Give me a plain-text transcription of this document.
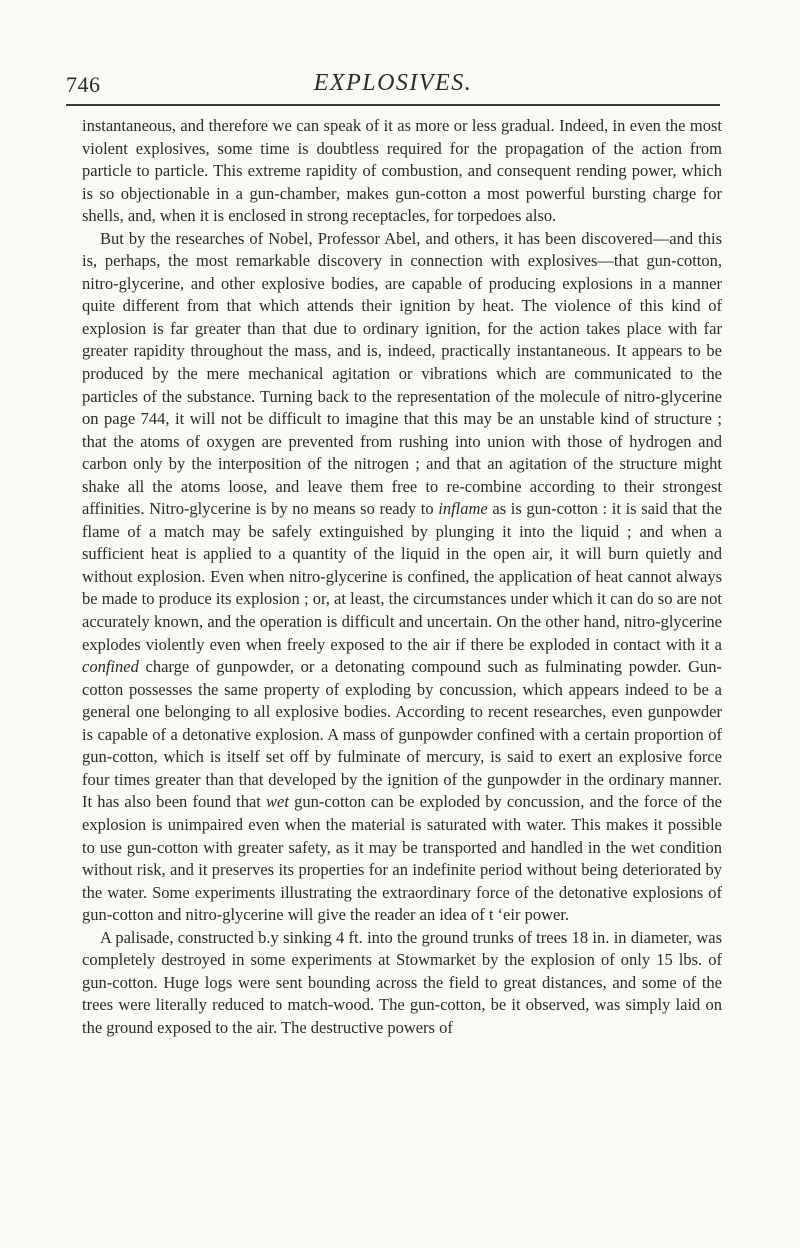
746	EXPLOSIVES.

instantaneous, and therefore we can speak of it as more or less gradual. Indeed, in even the most violent explosives, some time is doubtless required for the propagation of the action from particle to particle. This extreme rapidity of combustion, and consequent rending power, which is so objectionable in a gun-chamber, makes gun-cotton a most powerful bursting charge for shells, and, when it is enclosed in strong receptacles, for torpedoes also.

But by the researches of Nobel, Professor Abel, and others, it has been discovered—and this is, perhaps, the most remarkable discovery in connection with explosives—that gun-cotton, nitro-glycerine, and other explosive bodies, are capable of producing explosions in a manner quite different from that which attends their ignition by heat. The violence of this kind of explosion is far greater than that due to ordinary ignition, for the action takes place with far greater rapidity throughout the mass, and is, indeed, practically instantaneous. It appears to be produced by the mere mechanical agitation or vibrations which are communicated to the particles of the substance. Turning back to the representation of the molecule of nitro-glycerine on page 744, it will not be difficult to imagine that this may be an unstable kind of structure ; that the atoms of oxygen are prevented from rushing into union with those of hydrogen and carbon only by the interposition of the nitrogen ; and that an agitation of the structure might shake all the atoms loose, and leave them free to re-combine according to their strongest affinities. Nitro-glycerine is by no means so ready to inflame as is gun-cotton : it is said that the flame of a match may be safely extinguished by plunging it into the liquid ; and when a sufficient heat is applied to a quantity of the liquid in the open air, it will burn quietly and without explosion. Even when nitro-glycerine is confined, the application of heat cannot always be made to produce its explosion ; or, at least, the circumstances under which it can do so are not accurately known, and the operation is difficult and uncertain. On the other hand, nitro-glycerine explodes violently even when freely exposed to the air if there be exploded in contact with it a confined charge of gunpowder, or a detonating compound such as fulminating powder. Gun-cotton possesses the same property of exploding by concussion, which appears indeed to be a general one belonging to all explosive bodies. According to recent researches, even gunpowder is capable of a detonative explosion. A mass of gunpowder confined with a certain proportion of gun-cotton, which is itself set off by fulminate of mercury, is said to exert an explosive force four times greater than that developed by the ignition of the gunpowder in the ordinary manner. It has also been found that wet gun-cotton can be exploded by concussion, and the force of the explosion is unimpaired even when the material is saturated with water. This makes it possible to use gun-cotton with greater safety, as it may be transported and handled in the wet condition without risk, and it preserves its properties for an indefinite period without being deteriorated by the water. Some experiments illustrating the extraordinary force of the detonative explosions of gun-cotton and nitro-glycerine will give the reader an idea of t ‘eir power.

A palisade, constructed b.y sinking 4 ft. into the ground trunks of trees 18 in. in diameter, was completely destroyed in some experiments at Stowmarket by the explosion of only 15 lbs. of gun-cotton. Huge logs were sent bounding across the field to great distances, and some of the trees were literally reduced to match-wood. The gun-cotton, be it observed, was simply laid on the ground exposed to the air. The destructive powers of
